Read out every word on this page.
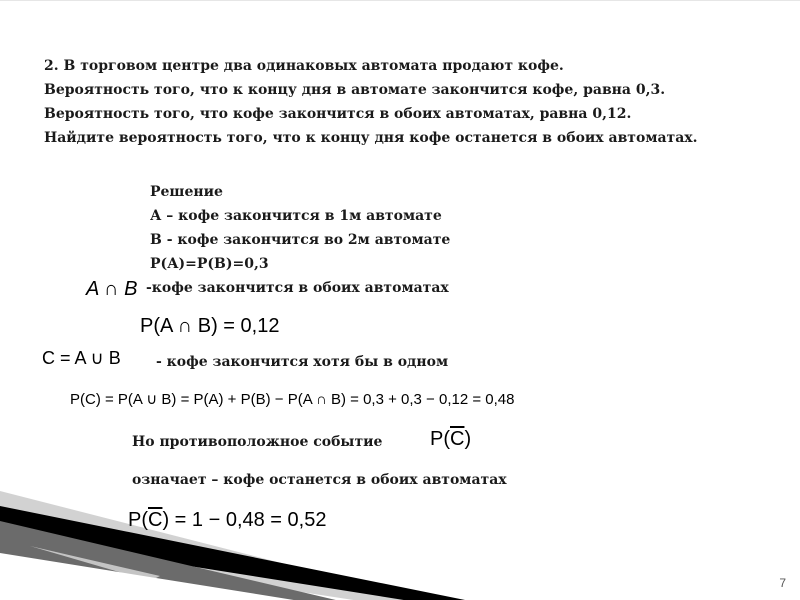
2. В торговом центре два одинаковых автомата продают кофе.
Вероятность того, что к концу дня в автомате закончится кофе, равна 0,3.
Вероятность того, что кофе закончится в обоих автоматах, равна 0,12.
Найдите вероятность того, что к концу дня кофе останется в обоих автоматах.
Решение
А – кофе закончится в 1м автомате
В - кофе закончится во 2м автомате
Р(А)=Р(В)=0,3
A ∩ B -кофе закончится в обоих автоматах
P(A ∩ B) = 0,12
C = A ∪ B	- кофе закончится хотя бы в одном
P(C) = P(A ∪ B) = P(A) + P(B) − P(A ∩ B) = 0,3 + 0,3 − 0,12 = 0,48
Но противоположное событие $P(\overline{C})$
означает – кофе останется в обоих автоматах
$P(\overline{C}) = 1 - 0,48 = 0,52$
7
